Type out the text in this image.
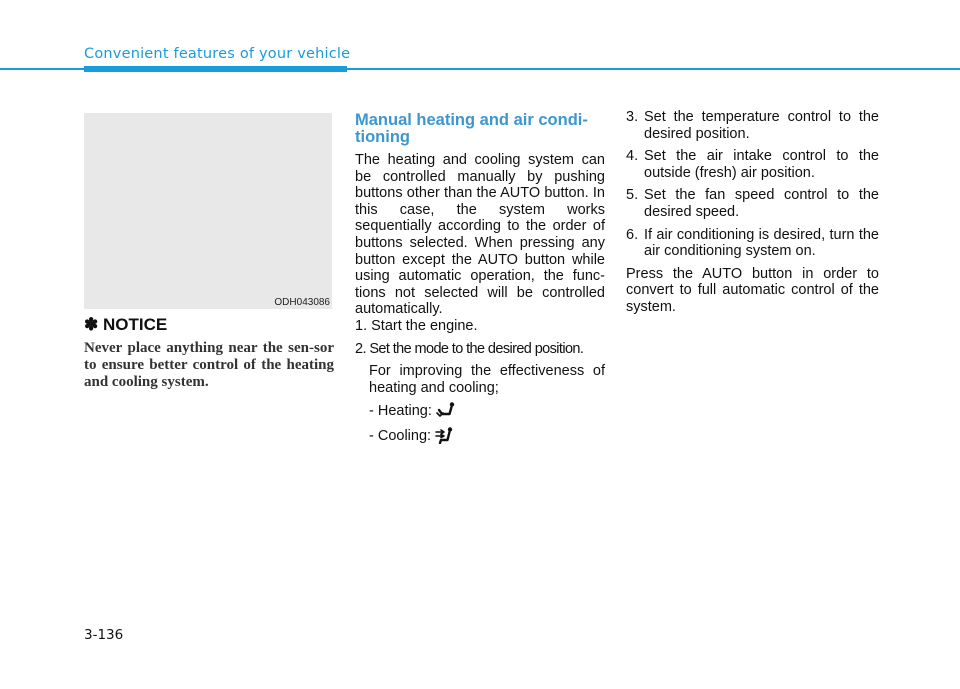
Convenient features of your vehicle
ODH043086
✽ NOTICE

Never place anything near the sen-sor to ensure better control of the heating and cooling system.

Manual heating and air condi-tioning

The heating and cooling system can be controlled manually by pushing buttons other than the AUTO button. In this case, the system works sequentially according to the order of buttons selected. When pressing any button except the AUTO button while using automatic operation, the func-tions not selected will be controlled automatically.

1. Start the engine.

2. Set the mode to the desired position.

For improving the effectiveness of heating and cooling;

- Heating:
- Cooling:
3. Set the temperature control to the desired position.
4. Set the air intake control to the outside (fresh) air position.
5. Set the fan speed control to the desired speed.
6. If air conditioning is desired, turn the air conditioning system on.

Press the AUTO button in order to convert to full automatic control of the system.

3-136
